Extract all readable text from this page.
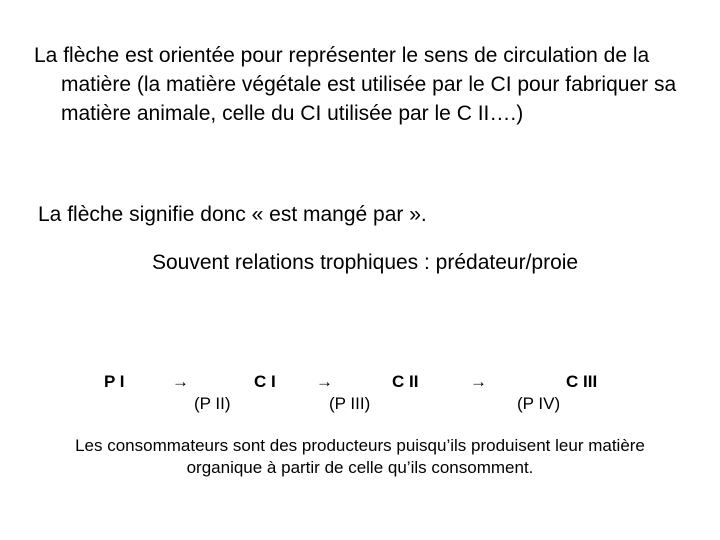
La flèche est orientée pour représenter le sens de circulation de la matière (la matière végétale est utilisée par le CI pour fabriquer sa matière animale, celle du CI utilisée par le C II….)

La flèche signifie donc « est mangé par ».

Souvent relations trophiques : prédateur/proie

P I	→	C I
(P II)
→	C II
(P III)
→	C III
(P IV)

Les consommateurs sont des producteurs puisqu’ils produisent leur matière organique à partir de celle qu’ils consomment.
